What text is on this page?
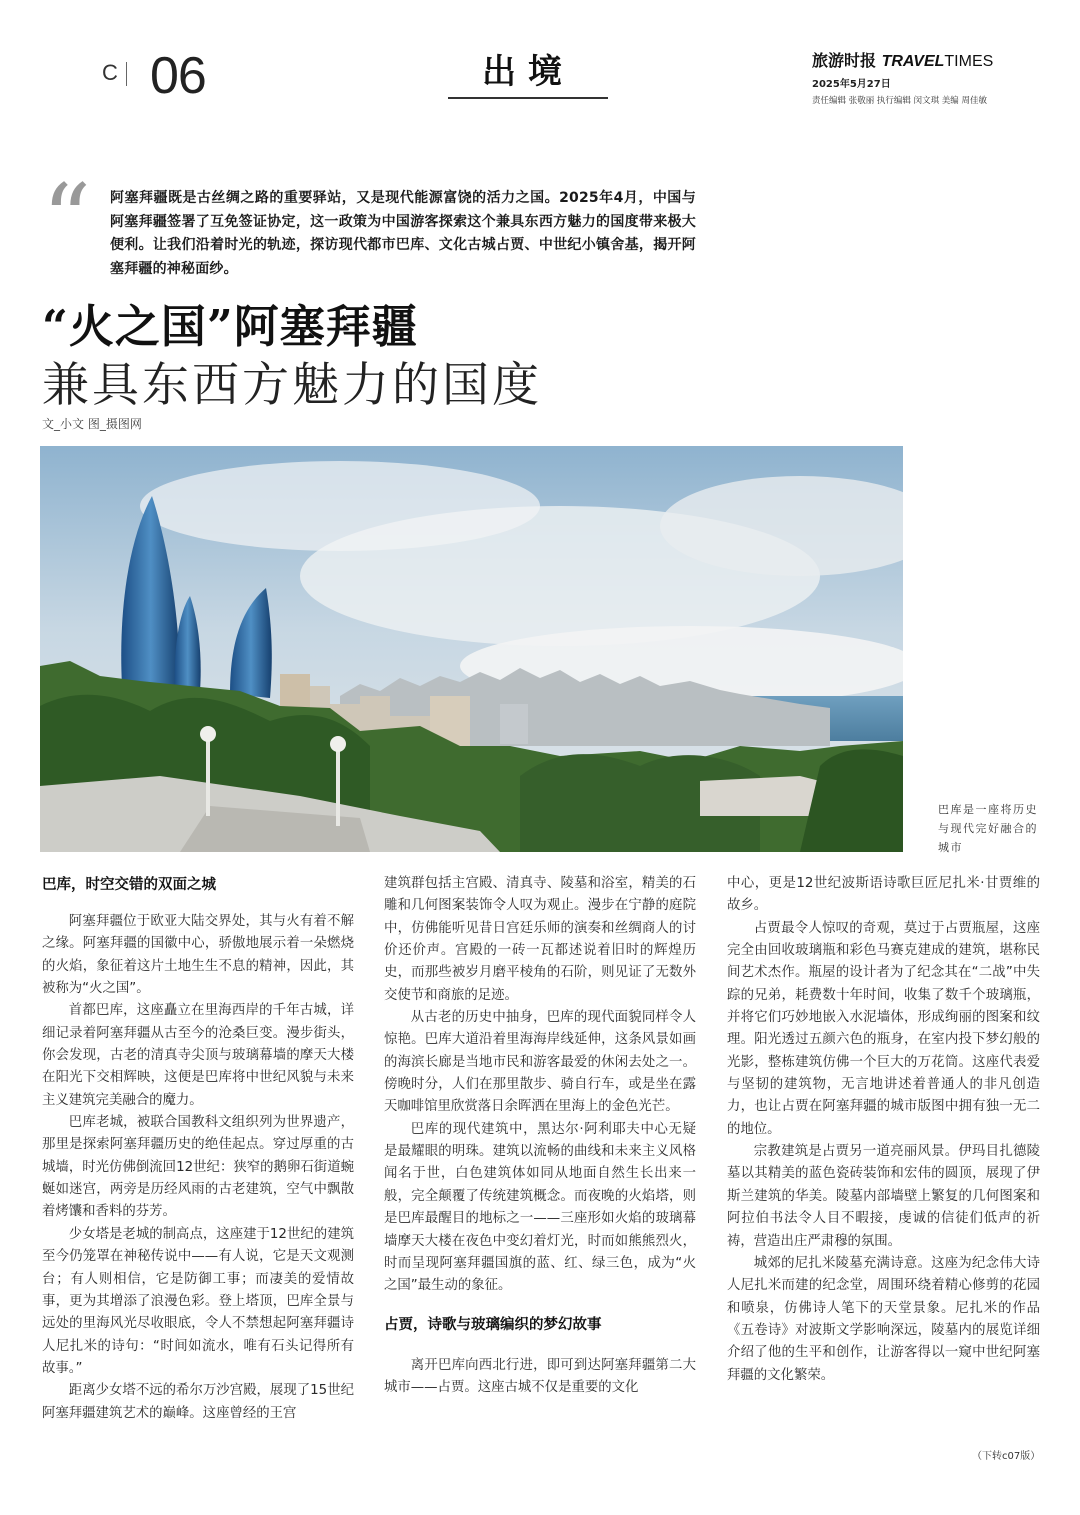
C 06	出境	旅游时报 TRAVELTIMES
2025年5月27日
责任编辑 张敬丽 执行编辑 闵文琪 美编 周佳敏
“ 阿塞拜疆既是古丝绸之路的重要驿站，又是现代能源富饶的活力之国。2025年4月，中国与阿塞拜疆签署了互免签证协定，这一政策为中国游客探索这个兼具东西方魅力的国度带来极大便利。让我们沿着时光的轨迹，探访现代都市巴库、文化古城占贾、中世纪小镇舍基，揭开阿塞拜疆的神秘面纱。
“火之国”阿塞拜疆
兼具东西方魅力的国度
文_小文 图_摄图网
巴库是一座将历史与现代完好融合的城市
巴库，时空交错的双面之城

阿塞拜疆位于欧亚大陆交界处，其与火有着不解之缘。阿塞拜疆的国徽中心，骄傲地展示着一朵燃烧的火焰，象征着这片土地生生不息的精神，因此，其被称为“火之国”。

首都巴库，这座矗立在里海西岸的千年古城，详细记录着阿塞拜疆从古至今的沧桑巨变。漫步街头，你会发现，古老的清真寺尖顶与玻璃幕墙的摩天大楼在阳光下交相辉映，这便是巴库将中世纪风貌与未来主义建筑完美融合的魔力。

巴库老城，被联合国教科文组织列为世界遗产，那里是探索阿塞拜疆历史的绝佳起点。穿过厚重的古城墙，时光仿佛倒流回12世纪：狭窄的鹅卵石街道蜿蜒如迷宫，两旁是历经风雨的古老建筑，空气中飘散着烤馕和香料的芬芳。

少女塔是老城的制高点，这座建于12世纪的建筑至今仍笼罩在神秘传说中——有人说，它是天文观测台；有人则相信，它是防御工事；而凄美的爱情故事，更为其增添了浪漫色彩。登上塔顶，巴库全景与远处的里海风光尽收眼底，令人不禁想起阿塞拜疆诗人尼扎米的诗句：“时间如流水，唯有石头记得所有故事。”

距离少女塔不远的希尔万沙宫殿，展现了15世纪阿塞拜疆建筑艺术的巅峰。这座曾经的王宫

建筑群包括主宫殿、清真寺、陵墓和浴室，精美的石雕和几何图案装饰令人叹为观止。漫步在宁静的庭院中，仿佛能听见昔日宫廷乐师的演奏和丝绸商人的讨价还价声。宫殿的一砖一瓦都述说着旧时的辉煌历史，而那些被岁月磨平棱角的石阶，则见证了无数外交使节和商旅的足迹。

从古老的历史中抽身，巴库的现代面貌同样令人惊艳。巴库大道沿着里海海岸线延伸，这条风景如画的海滨长廊是当地市民和游客最爱的休闲去处之一。傍晚时分，人们在那里散步、骑自行车，或是坐在露天咖啡馆里欣赏落日余晖洒在里海上的金色光芒。

巴库的现代建筑中，黑达尔·阿利耶夫中心无疑是最耀眼的明珠。建筑以流畅的曲线和未来主义风格闻名于世，白色建筑体如同从地面自然生长出来一般，完全颠覆了传统建筑概念。而夜晚的火焰塔，则是巴库最醒目的地标之一——三座形如火焰的玻璃幕墙摩天大楼在夜色中变幻着灯光，时而如熊熊烈火，时而呈现阿塞拜疆国旗的蓝、红、绿三色，成为“火之国”最生动的象征。

占贾，诗歌与玻璃编织的梦幻故事

离开巴库向西北行进，即可到达阿塞拜疆第二大城市——占贾。这座古城不仅是重要的文化

中心，更是12世纪波斯语诗歌巨匠尼扎米·甘贾维的故乡。

占贾最令人惊叹的奇观，莫过于占贾瓶屋，这座完全由回收玻璃瓶和彩色马赛克建成的建筑，堪称民间艺术杰作。瓶屋的设计者为了纪念其在“二战”中失踪的兄弟，耗费数十年时间，收集了数千个玻璃瓶，并将它们巧妙地嵌入水泥墙体，形成绚丽的图案和纹理。阳光透过五颜六色的瓶身，在室内投下梦幻般的光影，整栋建筑仿佛一个巨大的万花筒。这座代表爱与坚韧的建筑物，无言地讲述着普通人的非凡创造力，也让占贾在阿塞拜疆的城市版图中拥有独一无二的地位。

宗教建筑是占贾另一道亮丽风景。伊玛目扎德陵墓以其精美的蓝色瓷砖装饰和宏伟的圆顶，展现了伊斯兰建筑的华美。陵墓内部墙壁上繁复的几何图案和阿拉伯书法令人目不暇接，虔诚的信徒们低声的祈祷，营造出庄严肃穆的氛围。

城郊的尼扎米陵墓充满诗意。这座为纪念伟大诗人尼扎米而建的纪念堂，周围环绕着精心修剪的花园和喷泉，仿佛诗人笔下的天堂景象。尼扎米的作品《五卷诗》对波斯文学影响深远，陵墓内的展览详细介绍了他的生平和创作，让游客得以一窥中世纪阿塞拜疆的文化繁荣。

（下转c07版）
